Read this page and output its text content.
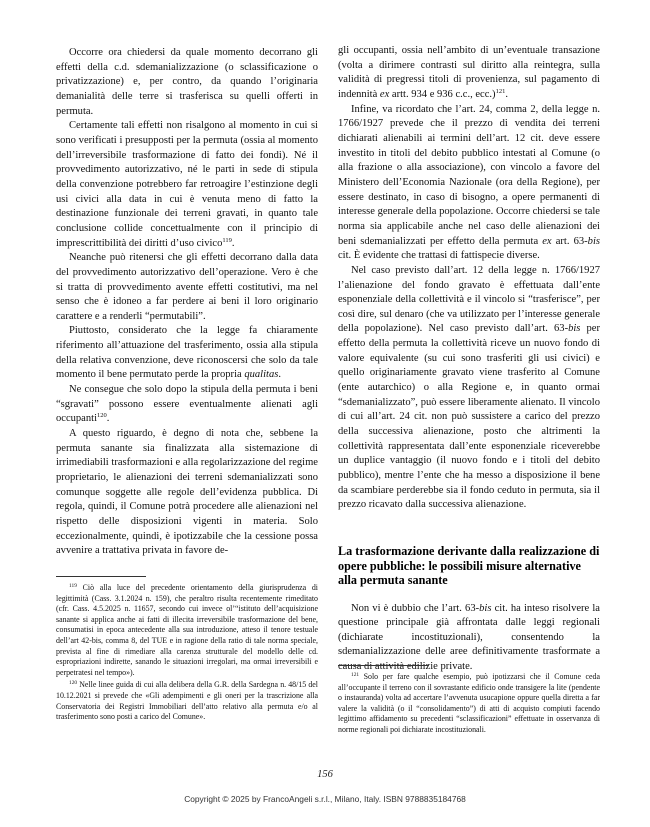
Occorre ora chiedersi da quale momento decorrano gli effetti della c.d. sdemanializzazione (o sclassificazione o privatizzazione) e, per contro, da quando l’originaria demanialità delle terre si trasferisca su quelli offerti in permuta.

Certamente tali effetti non risalgono al momento in cui si sono verificati i presupposti per la permuta (ossia al momento dell’irreversibile trasformazione di fatto dei fondi). Né il provvedimento autorizzativo, né le parti in sede di stipula della convenzione potrebbero far retroagire l’estinzione degli usi civici alla data in cui è venuta meno di fatto la destinazione funzionale dei terreni gravati, in quanto tale conclusione collide concettualmente con il principio di imprescrittibilità dei diritti d’uso civico$^{119}$.

Neanche può ritenersi che gli effetti decorrano dalla data del provvedimento autorizzativo dell’operazione. Vero è che si tratta di provvedimento avente effetti costitutivi, ma nel senso che è idoneo a far perdere ai beni il loro originario carattere e a renderli “permutabili”.

Piuttosto, considerato che la legge fa chiaramente riferimento all’attuazione del trasferimento, ossia alla stipula della relativa convenzione, deve riconoscersi che solo da tale momento il bene permutato perde la propria qualitas.

Ne consegue che solo dopo la stipula della permuta i beni “sgravati” possono essere eventualmente alienati agli occupanti$^{120}$.

A questo riguardo, è degno di nota che, sebbene la permuta sanante sia finalizzata alla sistemazione di irrimediabili trasformazioni e alla regolarizzazione del regime proprietario, le alienazioni dei terreni sdemanializzati sono comunque soggette alle regole dell’evidenza pubblica. Di regola, quindi, il Comune potrà procedere alle alienazioni nel rispetto delle disposizioni vigenti in materia. Solo eccezionalmente, quindi, è ipotizzabile che la cessione possa avvenire a trattativa privata in favore de-

gli occupanti, ossia nell’ambito di un’eventuale transazione (volta a dirimere contrasti sul diritto alla reintegra, sulla validità di pregressi titoli di provenienza, sul pagamento di indennità ex artt. 934 e 936 c.c., ecc.)$^{121}$.

Infine, va ricordato che l’art. 24, comma 2, della legge n. 1766/1927 prevede che il prezzo di vendita dei terreni dichiarati alienabili ai termini dell’art. 12 cit. deve essere investito in titoli del debito pubblico intestati al Comune (o alla frazione o alla associazione), con vincolo a favore del Ministero dell’Economia Nazionale (ora della Regione), per essere destinato, in caso di bisogno, a opere permanenti di interesse generale della popolazione. Occorre chiedersi se tale norma sia applicabile anche nel caso delle alienazioni dei beni sdemanializzati per effetto della permuta ex art. 63-bis cit. È evidente che trattasi di fattispecie diverse.

Nel caso previsto dall’art. 12 della legge n. 1766/1927 l’alienazione del fondo gravato è effettuata dall’ente esponenziale della collettività e il vincolo si “trasferisce”, per così dire, sul denaro (che va utilizzato per l’interesse generale della popolazione). Nel caso previsto dall’art. 63-bis per effetto della permuta la collettività riceve un nuovo fondo di valore equivalente (su cui sono trasferiti gli usi civici) e quello originariamente gravato viene trasferito al Comune (ente autarchico) o alla Regione e, in quanto ormai “sdemanializzato”, può essere liberamente alienato. Il vincolo di cui all’art. 24 cit. non può sussistere a carico del prezzo della successiva alienazione, posto che altrimenti la collettività rappresentata dall’ente esponenziale riceverebbe un duplice vantaggio (il nuovo fondo e i titoli del debito pubblico), mentre l’ente che ha messo a disposizione il bene da scambiare perderebbe sia il fondo ceduto in permuta, sia il prezzo ricavato dalla successiva alienazione.

La trasformazione derivante dalla realizzazione di opere pubbliche: le possibili misure alternative alla permuta sanante

Non vi è dubbio che l’art. 63-bis cit. ha inteso risolvere la questione principale già affrontata dalle leggi regionali (dichiarate incostituzionali), consentendo la sdemanializzazione delle aree definitivamente trasformate a causa di attività edilizie private.

$^{119}$ Ciò alla luce del precedente orientamento della giurisprudenza di legittimità (Cass. 3.1.2024 n. 159), che peraltro risulta recentemente rimeditato (cfr. Cass. 4.5.2025 n. 11657, secondo cui invece ol’“istituto dell’acquisizione sanante si applica anche ai fatti di illecita irreversibile trasformazione del bene, consumatisi in epoca antecedente alla sua introduzione, atteso il tenore testuale dell’art 42-bis, comma 8, del TUE e in ragione della ratio di tale norma speciale, prevista al fine di rimediare alla carenza strutturale del modello delle cd. espropriazioni indirette, sanando le situazioni irregolari, ma ormai irreversibili e perpetratesi nel tempo»).

$^{120}$ Nelle linee guida di cui alla delibera della G.R. della Sardegna n. 48/15 del 10.12.2021 si prevede che «Gli adempimenti e gli oneri per la trascrizione alla Conservatoria dei Registri Immobiliari dell’atto relativo alla permuta e/o al trasferimento sono posti a carico del Comune».

$^{121}$ Solo per fare qualche esempio, può ipotizzarsi che il Comune ceda all’occupante il terreno con il sovrastante edificio onde transigere la lite (pendente o instauranda) volta ad accertare l’avvenuta usucapione oppure quella diretta a far valere la validità (o il “consolidamento”) di atti di acquisto compiuti facendo legittimo affidamento su precedenti “sclassificazioni” effettuate in osservanza di norme regionali poi dichiarate incostituzionali.

156
Copyright © 2025 by FrancoAngeli s.r.l., Milano, Italy. ISBN 9788835184768
